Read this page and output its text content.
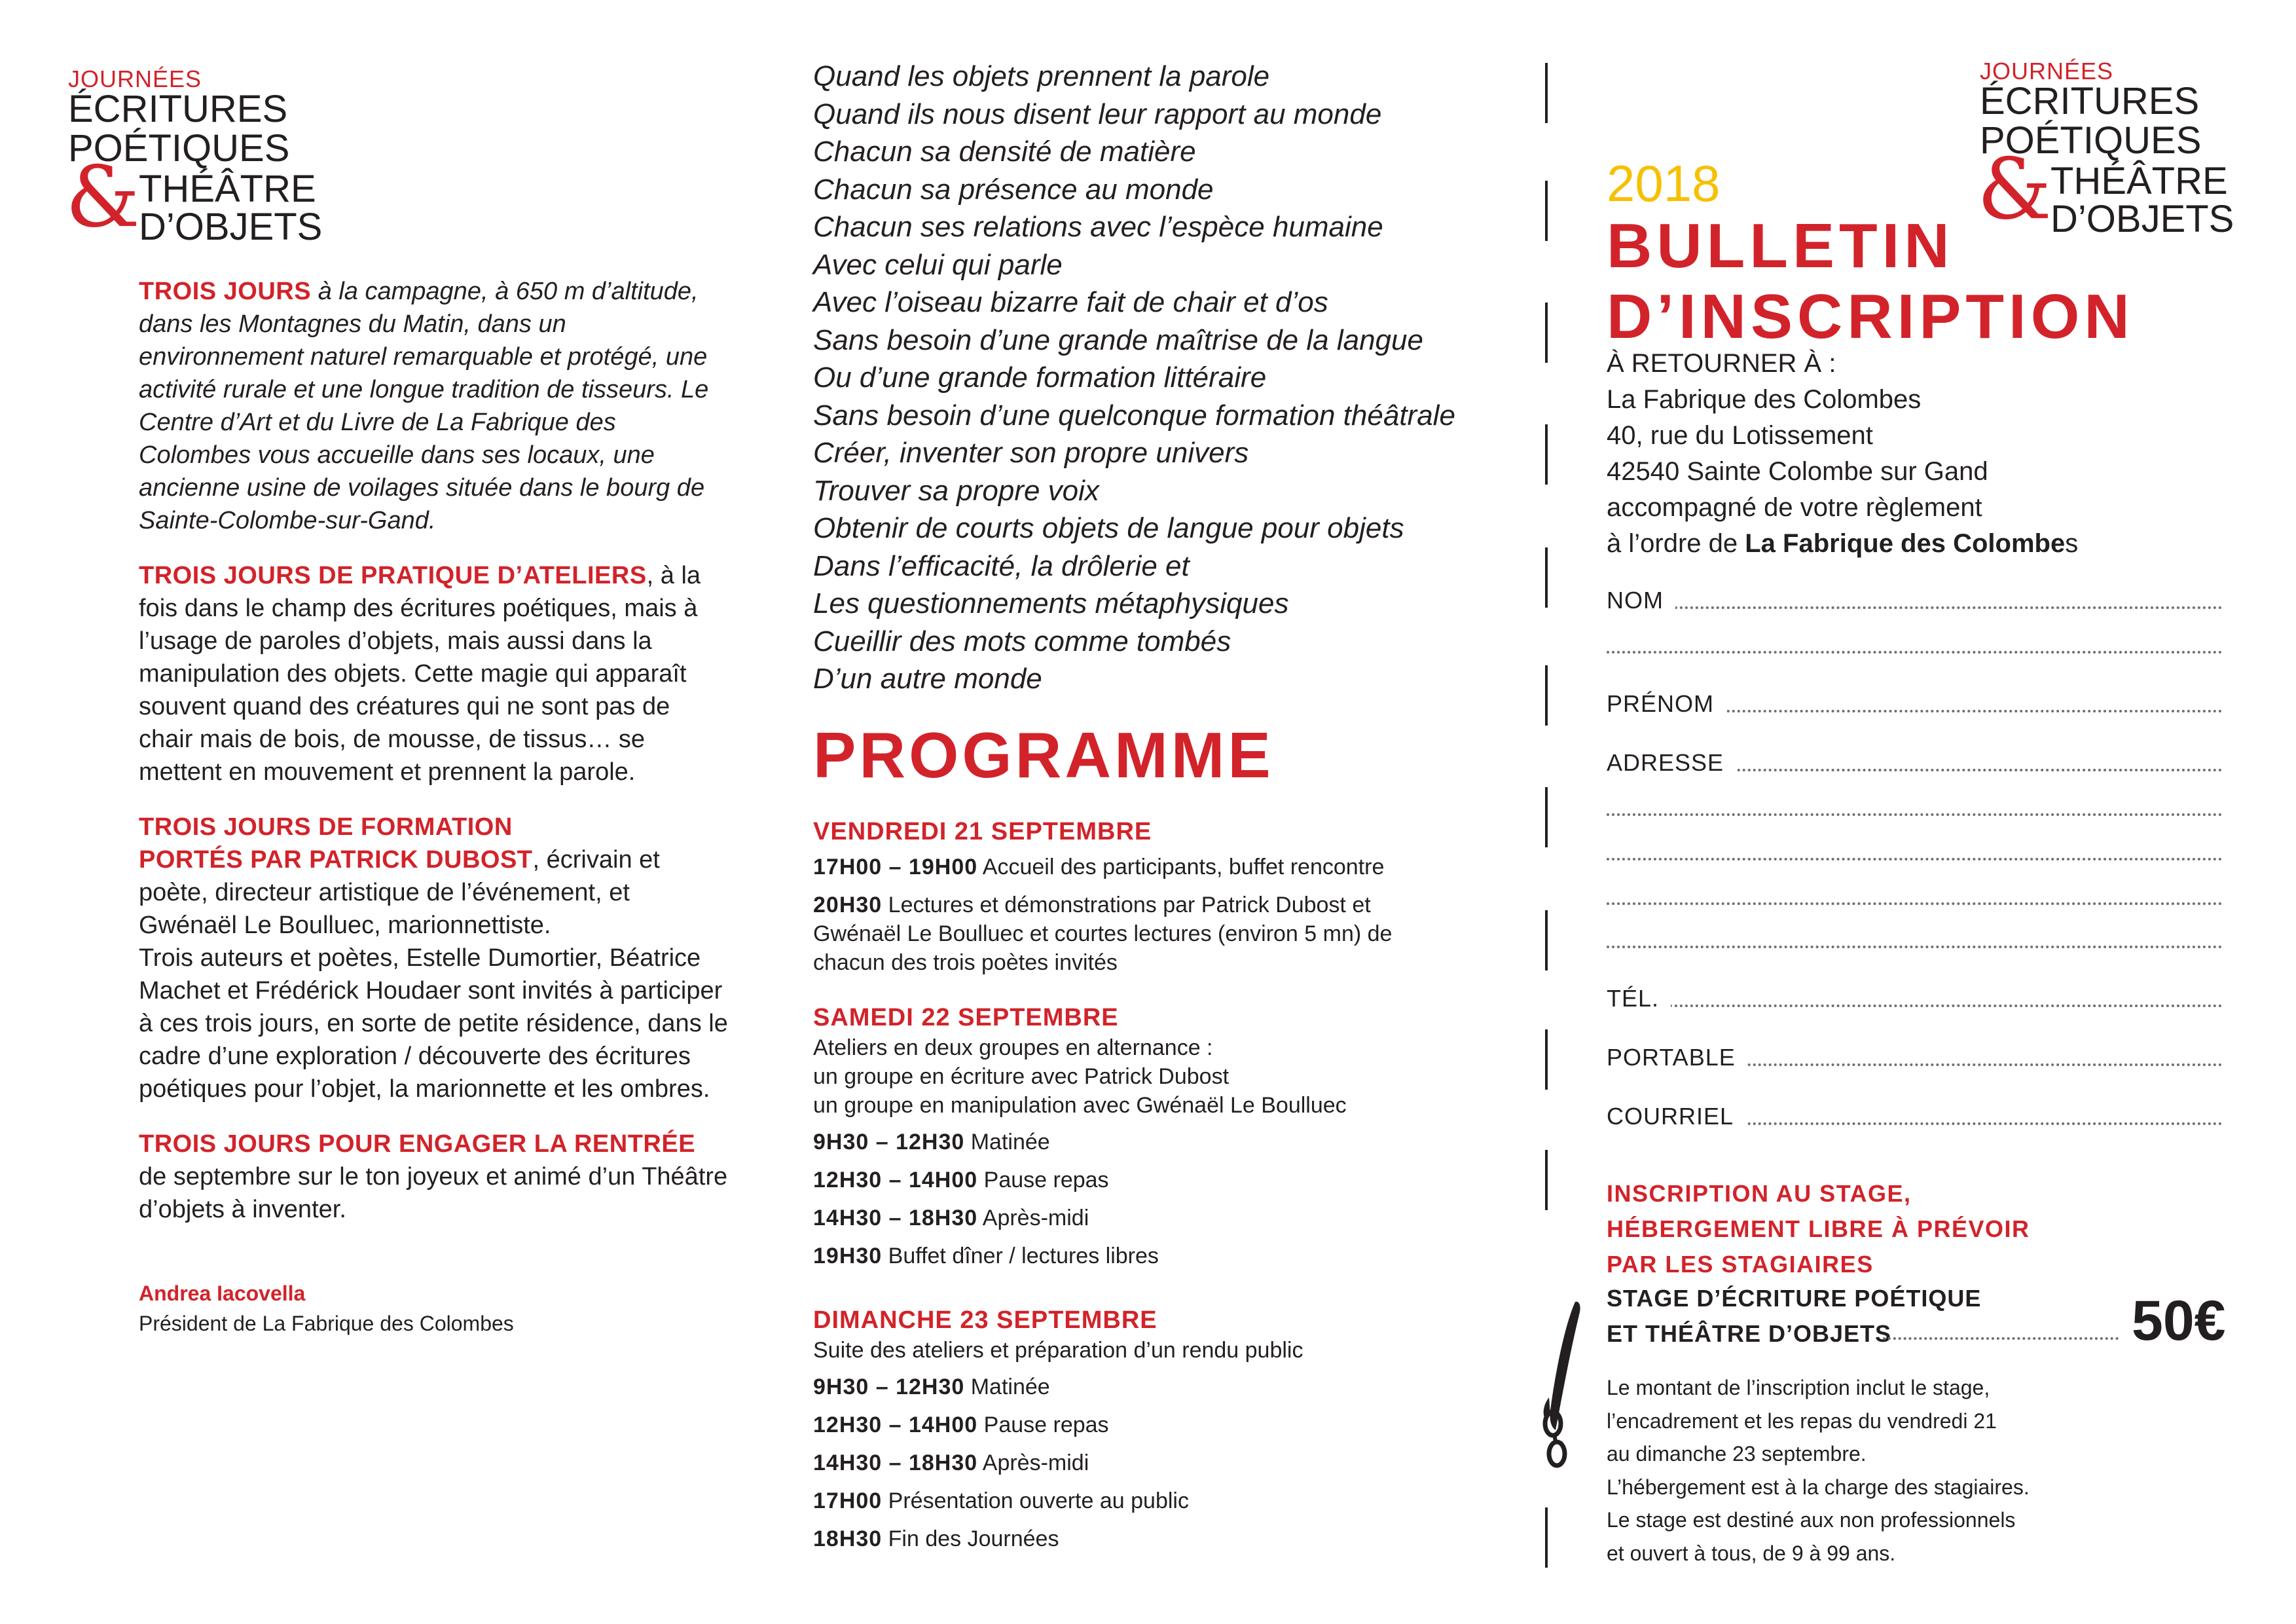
JOURNÉES
ÉCRITURES
POÉTIQUES
&
THÉÂTRE
D’OBJETS

TROIS JOURS à la campagne, à 650 m d’altitude, dans les Montagnes du Matin, dans un environnement naturel remarquable et protégé, une activité rurale et une longue tradition de tisseurs. Le Centre d’Art et du Livre de La Fabrique des Colombes vous accueille dans ses locaux, une ancienne usine de voilages située dans le bourg de Sainte-Colombe-sur-Gand.

TROIS JOURS DE PRATIQUE D’ATELIERS, à la fois dans le champ des écritures poétiques, mais à l’usage de paroles d’objets, mais aussi dans la manipulation des objets. Cette magie qui apparaît souvent quand des créatures qui ne sont pas de chair mais de bois, de mousse, de tissus… se mettent en mouvement et prennent la parole.

TROIS JOURS DE FORMATION
PORTÉS PAR PATRICK DUBOST, écrivain et poète, directeur artistique de l’événement, et Gwénaël Le Boulluec, marionnettiste.
Trois auteurs et poètes, Estelle Dumortier, Béatrice Machet et Frédérick Houdaer sont invités à participer à ces trois jours, en sorte de petite résidence, dans le cadre d’une exploration / découverte des écritures poétiques pour l’objet, la marionnette et les ombres.

TROIS JOURS POUR ENGAGER LA RENTRÉE de septembre sur le ton joyeux et animé d’un Théâtre d’objets à inventer.

Andrea Iacovella
Président de La Fabrique des Colombes
Quand les objets prennent la parole
Quand ils nous disent leur rapport au monde
Chacun sa densité de matière
Chacun sa présence au monde
Chacun ses relations avec l’espèce humaine
Avec celui qui parle
Avec l’oiseau bizarre fait de chair et d’os
Sans besoin d’une grande maîtrise de la langue
Ou d’une grande formation littéraire
Sans besoin d’une quelconque formation théâtrale
Créer, inventer son propre univers
Trouver sa propre voix
Obtenir de courts objets de langue pour objets
Dans l’efficacité, la drôlerie et
Les questionnements métaphysiques
Cueillir des mots comme tombés
D’un autre monde
PROGRAMME
VENDREDI 21 SEPTEMBRE
17H00 – 19H00 Accueil des participants, buffet rencontre
20H30 Lectures et démonstrations par Patrick Dubost et
Gwénaël Le Boulluec et courtes lectures (environ 5 mn) de
chacun des trois poètes invités
SAMEDI 22 SEPTEMBRE
Ateliers en deux groupes en alternance :
un groupe en écriture avec Patrick Dubost
un groupe en manipulation avec Gwénaël Le Boulluec
9H30 – 12H30 Matinée
12H30 – 14H00 Pause repas
14H30 – 18H30 Après-midi
19H30 Buffet dîner / lectures libres
DIMANCHE 23 SEPTEMBRE
Suite des ateliers et préparation d’un rendu public
9H30 – 12H30 Matinée
12H30 – 14H00 Pause repas
14H30 – 18H30 Après-midi
17H00 Présentation ouverte au public
18H30 Fin des Journées
JOURNÉES
ÉCRITURES
POÉTIQUES
&
THÉÂTRE
D’OBJETS
2018
BULLETIN
D’INSCRIPTION
À RETOURNER À :
La Fabrique des Colombes
40, rue du Lotissement
42540 Sainte Colombe sur Gand
accompagné de votre règlement
à l’ordre de La Fabrique des Colombes
NOM
PRÉNOM
ADRESSE
TÉL.
PORTABLE
COURRIEL
INSCRIPTION AU STAGE,
HÉBERGEMENT LIBRE À PRÉVOIR
PAR LES STAGIAIRES
STAGE D’ÉCRITURE POÉTIQUE
ET THÉÂTRE D’OBJETS	50€
Le montant de l’inscription inclut le stage,
l’encadrement et les repas du vendredi 21
au dimanche 23 septembre.
L’hébergement est à la charge des stagiaires.
Le stage est destiné aux non professionnels
et ouvert à tous, de 9 à 99 ans.
